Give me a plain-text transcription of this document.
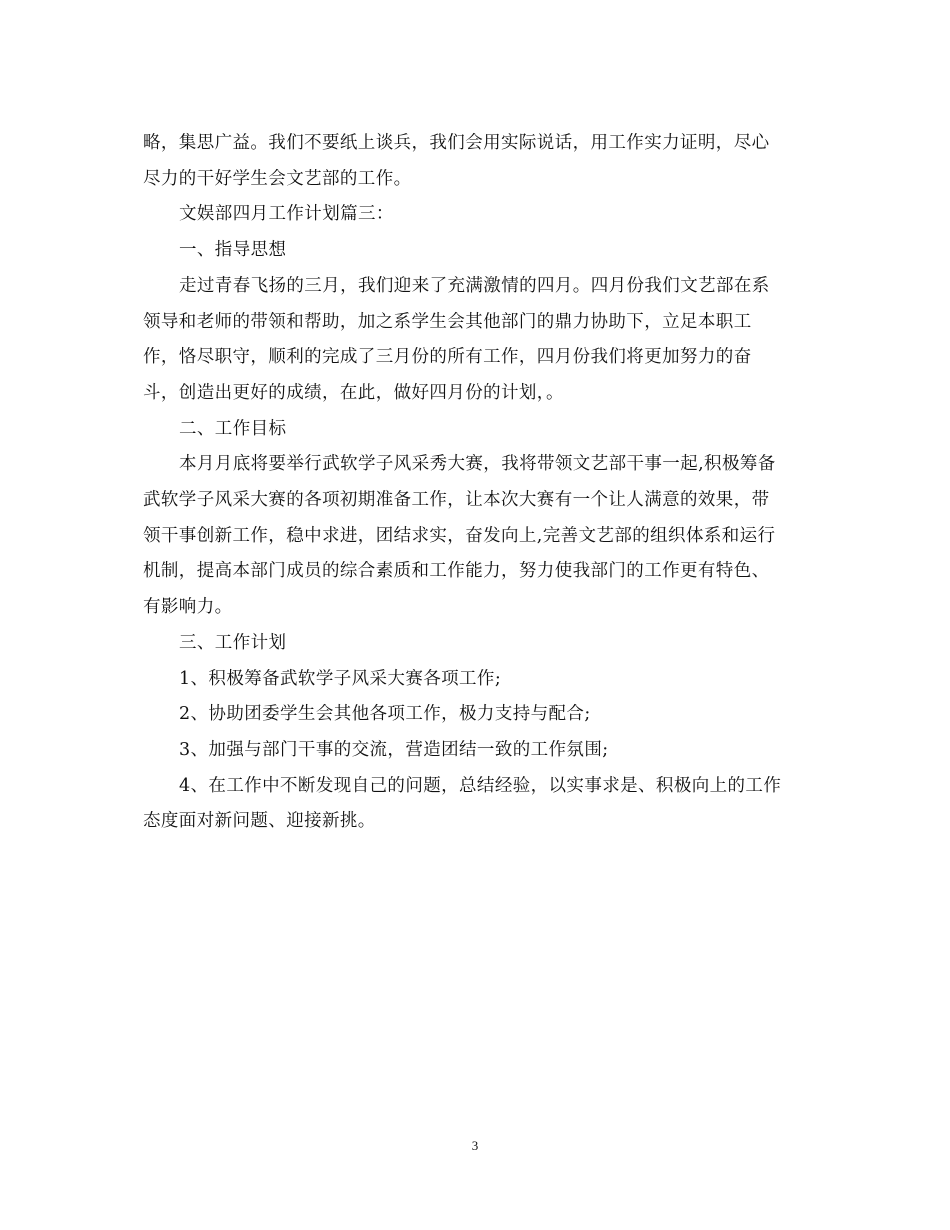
略，集思广益。我们不要纸上谈兵，我们会用实际说话，用工作实力证明，尽心
尽力的干好学生会文艺部的工作。

文娱部四月工作计划篇三：

一、指导思想

走过青春飞扬的三月，我们迎来了充满激情的四月。四月份我们文艺部在系
领导和老师的带领和帮助，加之系学生会其他部门的鼎力协助下，立足本职工
作，恪尽职守，顺利的完成了三月份的所有工作，四月份我们将更加努力的奋
斗，创造出更好的成绩，在此，做好四月份的计划，。

二、工作目标

本月月底将要举行武软学子风采秀大赛，我将带领文艺部干事一起,积极筹备
武软学子风采大赛的各项初期准备工作，让本次大赛有一个让人满意的效果，带
领干事创新工作，稳中求进，团结求实，奋发向上,完善文艺部的组织体系和运行
机制，提高本部门成员的综合素质和工作能力，努力使我部门的工作更有特色、
有影响力。

三、工作计划

1、积极筹备武软学子风采大赛各项工作;

2、协助团委学生会其他各项工作，极力支持与配合;

3、加强与部门干事的交流，营造团结一致的工作氛围;

4、在工作中不断发现自己的问题，总结经验，以实事求是、积极向上的工作
态度面对新问题、迎接新挑。

3
